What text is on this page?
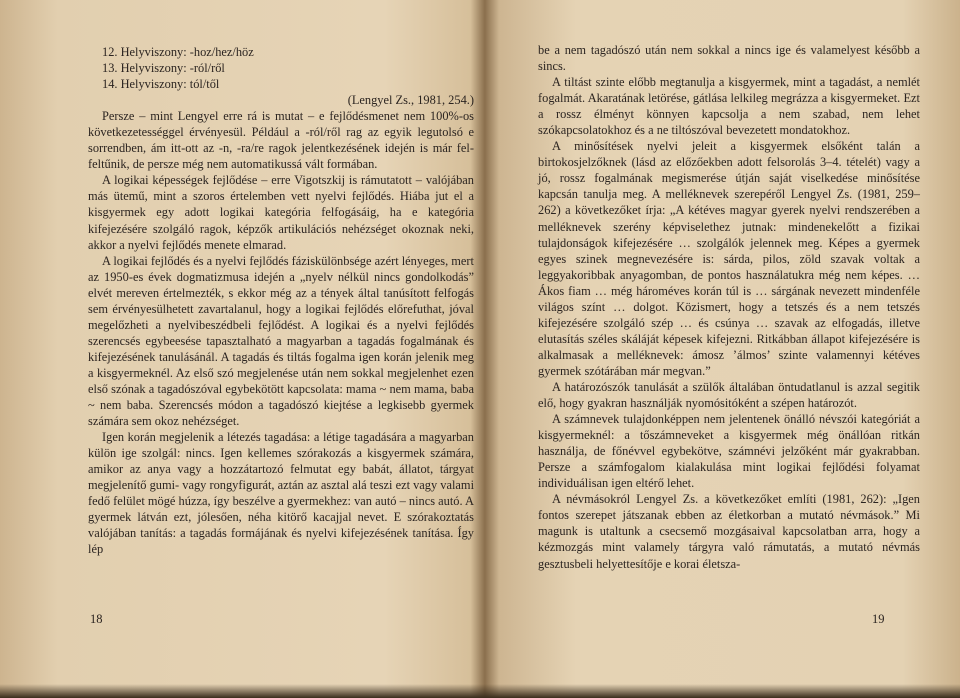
12. Helyviszony: -hoz/hez/höz

13. Helyviszony: -ról/ről

14. Helyviszony: tól/től

(Lengyel Zs., 1981, 254.)

Persze – mint Lengyel erre rá is mutat – e fejlődésmenet nem 100%-os következetességgel érvényesül. Például a -ról/ről rag az egyik legutolsó e sorrendben, ám itt-ott az -n, -ra/re ragok jelentkezésének idején is már fel-feltűnik, de persze még nem automatikussá vált formában.

A logikai képességek fejlődése – erre Vigotszkij is rámutatott – valójában más ütemű, mint a szoros értelemben vett nyelvi fejlődés. Hiába jut el a kisgyermek egy adott logikai kategória felfogásáig, ha e kategória kifejezésére szolgáló ragok, képzők artikulációs nehézséget okoznak neki, akkor a nyelvi fejlődés menete elmarad.

A logikai fejlődés és a nyelvi fejlődés fáziskülönbsége azért lényeges, mert az 1950-es évek dogmatizmusa idején a „nyelv nélkül nincs gondolkodás” elvét mereven értelmezték, s ekkor még az a tények által tanúsított felfogás sem érvényesülhetett zavartalanul, hogy a logikai fejlődés előrefuthat, jóval megelőzheti a nyelvibeszédbeli fejlődést. A logikai és a nyelvi fejlődés szerencsés egybeesése tapasztalható a magyarban a tagadás fogalmának és kifejezésének tanulásánál. A tagadás és tiltás fogalma igen korán jelenik meg a kisgyermeknél. Az első szó megjelenése után nem sokkal megjelenhet ezen első szónak a tagadószóval egybekötött kapcsolata: mama ~ nem mama, baba ~ nem baba. Szerencsés módon a tagadószó kiejtése a legkisebb gyermek számára sem okoz nehézséget.

Igen korán megjelenik a létezés tagadása: a létige tagadására a magyarban külön ige szolgál: nincs. Igen kellemes szórakozás a kisgyermek számára, amikor az anya vagy a hozzátartozó felmutat egy babát, állatot, tárgyat megjelenítő gumi- vagy rongyfigurát, aztán az asztal alá teszi ezt vagy valami fedő felület mögé húzza, így beszélve a gyermekhez: van autó – nincs autó. A gyermek látván ezt, jólesően, néha kitörő kacajjal nevet. E szórakoztatás valójában tanítás: a tagadás formájának és nyelvi kifejezésének tanítása. Így lép

18

be a nem tagadószó után nem sokkal a nincs ige és valamelyest később a sincs.

A tiltást szinte előbb megtanulja a kisgyermek, mint a tagadást, a nemlét fogalmát. Akaratának letörése, gátlása lelkileg megrázza a kisgyermeket. Ezt a rossz élményt könnyen kapcsolja a nem szabad, nem lehet szókapcsolatokhoz és a ne tiltószóval bevezetett mondatokhoz.

A minősítések nyelvi jeleit a kisgyermek elsőként talán a birtokosjelzőknek (lásd az előzőekben adott felsorolás 3–4. tételét) vagy a jó, rossz fogalmának megismerése útján saját viselkedése minősítése kapcsán tanulja meg. A melléknevek szerepéről Lengyel Zs. (1981, 259–262) a következőket írja: „A kétéves magyar gyerek nyelvi rendszerében a melléknevek szerény képviselethez jutnak: mindenekelőtt a fizikai tulajdonságok kifejezésére … szolgálók jelennek meg. Képes a gyermek egyes szinek megnevezésére is: sárda, pilos, zöld szavak voltak a leggyakoribbak anyagomban, de pontos használatukra még nem képes. … Ákos fiam … még hároméves korán túl is … sárgának nevezett mindenféle világos színt … dolgot. Közismert, hogy a tetszés és a nem tetszés kifejezésére szolgáló szép … és csúnya … szavak az elfogadás, illetve elutasítás széles skáláját képesek kifejezni. Ritkábban állapot kifejezésére is alkalmasak a melléknevek: ámosz ’álmos’ szinte valamennyi kétéves gyermek szótárában már megvan.”

A határozószók tanulását a szülők általában öntudatlanul is azzal segitik elő, hogy gyakran használják nyomósitóként a szépen határozót.

A számnevek tulajdonképpen nem jelentenek önálló névszói kategóriát a kisgyermeknél: a tőszámneveket a kisgyermek még önállóan ritkán használja, de főnévvel egybekötve, számnévi jelzőként már gyakrabban. Persze a számfogalom kialakulása mint logikai fejlődési folyamat individuálisan igen eltérő lehet.

A névmásokról Lengyel Zs. a következőket említi (1981, 262): „Igen fontos szerepet játszanak ebben az életkorban a mutató névmások.” Mi magunk is utaltunk a csecsemő mozgásaival kapcsolatban arra, hogy a kézmozgás mint valamely tárgyra való rámutatás, a mutató névmás gesztusbeli helyettesítője e korai életsza-

19
